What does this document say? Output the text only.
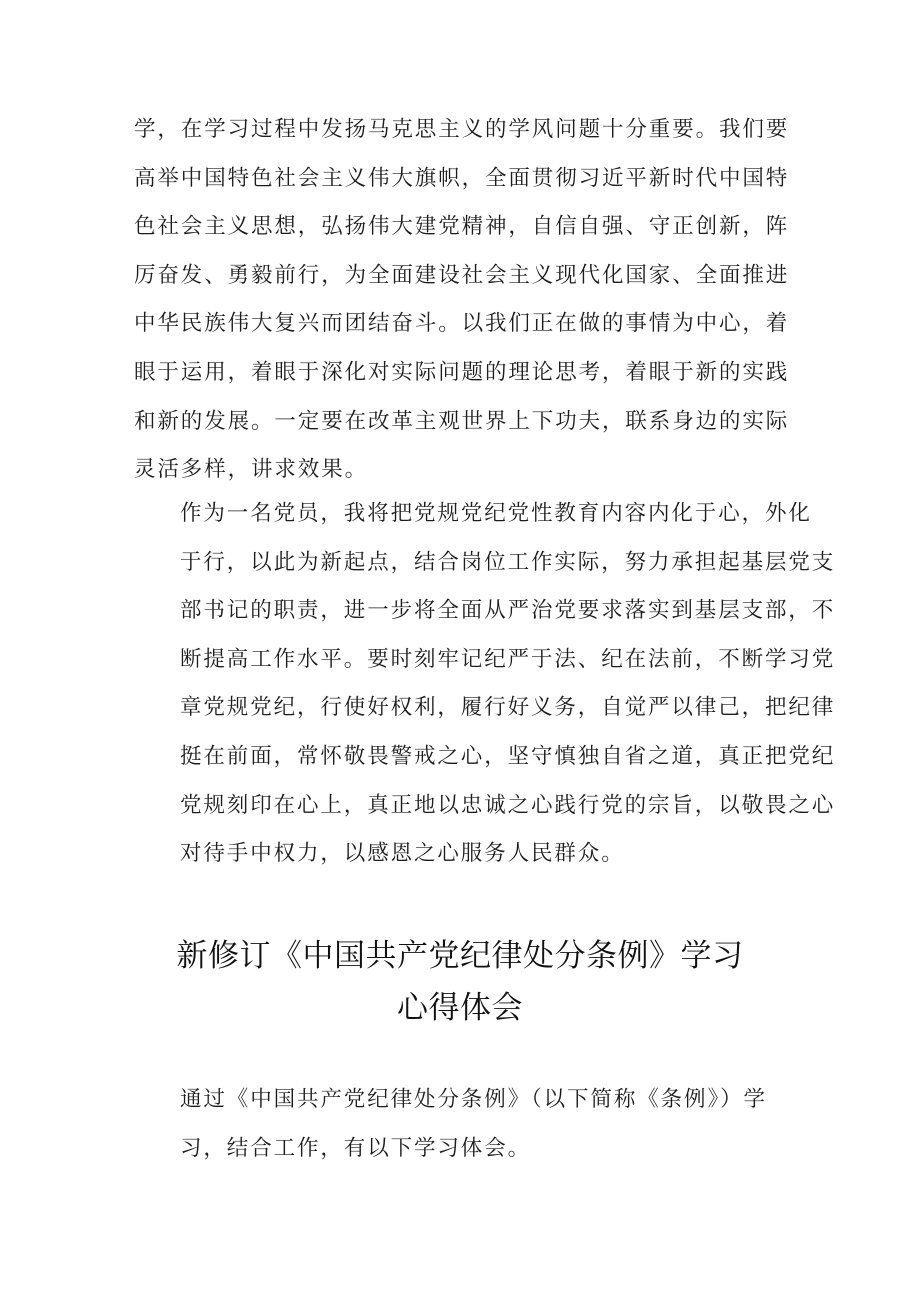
学，在学习过程中发扬马克思主义的学风问题十分重要。我们要
高举中国特色社会主义伟大旗帜，全面贯彻习近平新时代中国特
色社会主义思想，弘扬伟大建党精神，自信自强、守正创新，阵
厉奋发、勇毅前行，为全面建设社会主义现代化国家、全面推进
中华民族伟大复兴而团结奋斗。以我们正在做的事情为中心，着
眼于运用，着眼于深化对实际问题的理论思考，着眼于新的实践
和新的发展。一定要在改革主观世界上下功夫，联系身边的实际
灵活多样，讲求效果。
作为一名党员，我将把党规党纪党性教育内容内化于心，外化
于行，以此为新起点，结合岗位工作实际，努力承担起基层党支
部书记的职责，进一步将全面从严治党要求落实到基层支部，不
断提高工作水平。要时刻牢记纪严于法、纪在法前，不断学习党
章党规党纪，行使好权利，履行好义务，自觉严以律己，把纪律
挺在前面，常怀敬畏警戒之心，坚守慎独自省之道，真正把党纪
党规刻印在心上，真正地以忠诚之心践行党的宗旨，以敬畏之心
对待手中权力，以感恩之心服务人民群众。
新修订《中国共产党纪律处分条例》学习
心得体会
通过《中国共产党纪律处分条例》（以下简称《条例》）学
习，结合工作，有以下学习体会。
